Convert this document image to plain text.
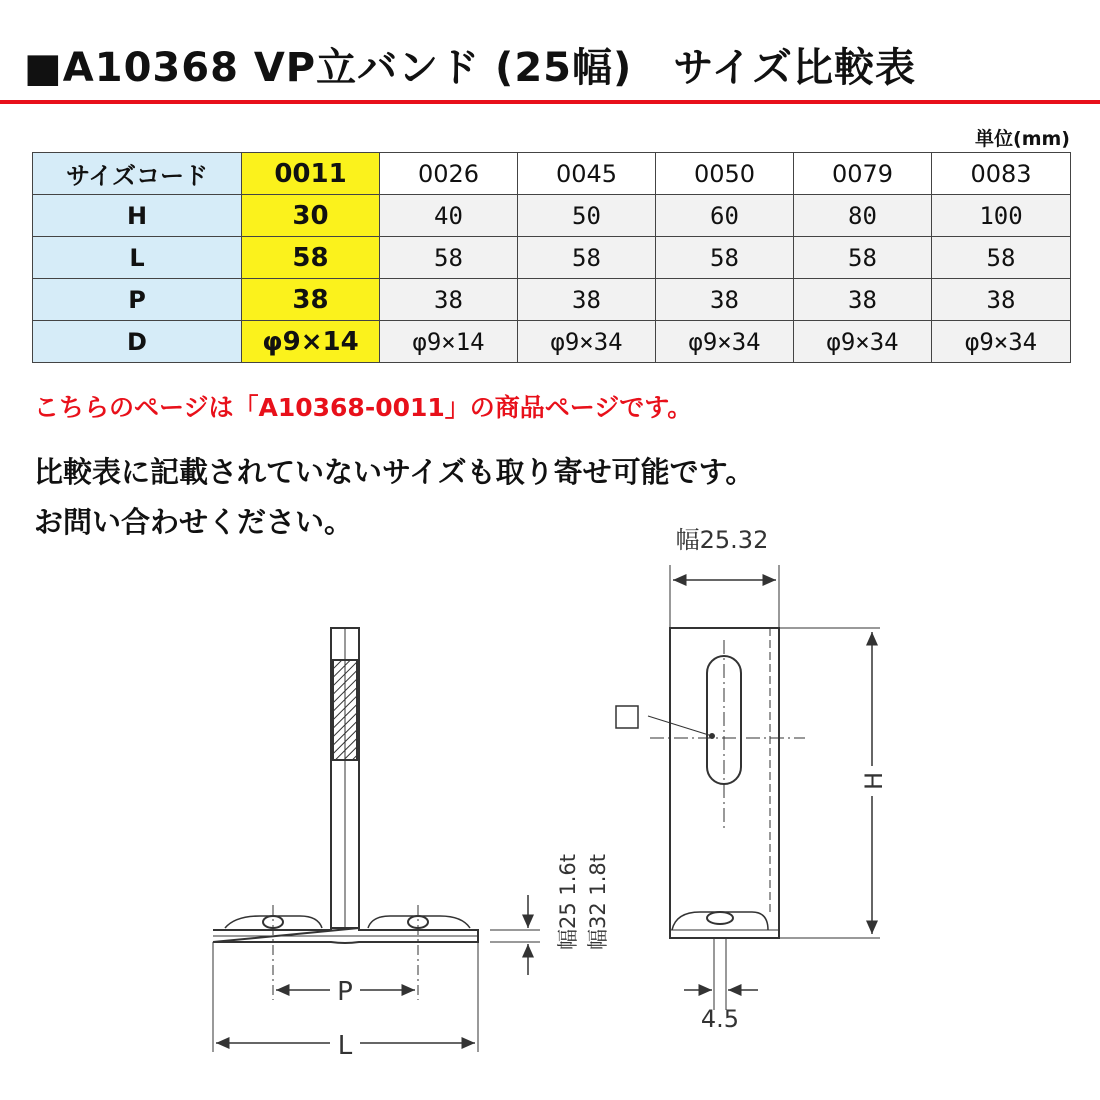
■A10368 VP立バンド (25幅)　サイズ比較表
単位(mm)
サイズコード	0011	0026	0045	0050	0079	0083
H	30	40	50	60	80	100
L	58	58	58	58	58	58
P	38	38	38	38	38	38
D	φ9×14	φ9×14	φ9×34	φ9×34	φ9×34	φ9×34
こちらのページは「A10368-0011」の商品ページです。
比較表に記載されていないサイズも取り寄せ可能です。
お問い合わせください。
P
L
幅25 1.6t 幅32 1.8t
幅25.32
H
4.5
